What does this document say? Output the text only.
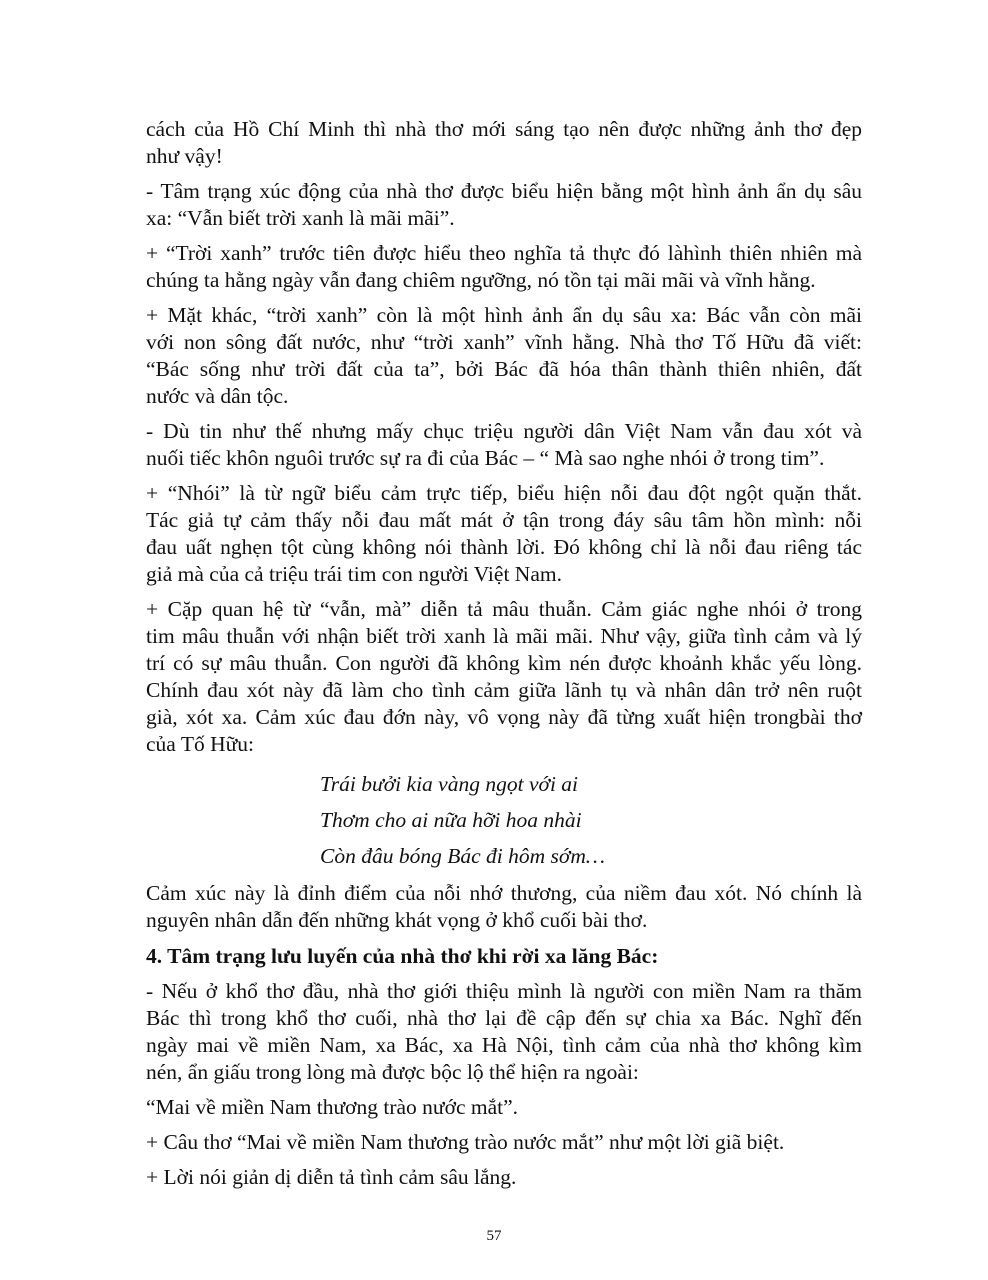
cách của Hồ Chí Minh thì nhà thơ mới sáng tạo nên được những ảnh thơ đẹp
như vậy!

- Tâm trạng xúc động của nhà thơ được biểu hiện bằng một hình ảnh ẩn dụ sâu
xa: “Vẫn biết trời xanh là mãi mãi”.

+ “Trời xanh” trước tiên được hiểu theo nghĩa tả thực đó làhình thiên nhiên mà
chúng ta hằng ngày vẫn đang chiêm ngưỡng, nó tồn tại mãi mãi và vĩnh hằng.

+ Mặt khác, “trời xanh” còn là một hình ảnh ẩn dụ sâu xa: Bác vẫn còn mãi
với non sông đất nước, như “trời xanh” vĩnh hằng. Nhà thơ Tố Hữu đã viết:
“Bác sống như trời đất của ta”, bởi Bác đã hóa thân thành thiên nhiên, đất
nước và dân tộc.

- Dù tin như thế nhưng mấy chục triệu người dân Việt Nam vẫn đau xót và
nuối tiếc khôn nguôi trước sự ra đi của Bác – “ Mà sao nghe nhói ở trong tim”.

+ “Nhói” là từ ngữ biểu cảm trực tiếp, biểu hiện nỗi đau đột ngột quặn thắt.
Tác giả tự cảm thấy nỗi đau mất mát ở tận trong đáy sâu tâm hồn mình: nỗi
đau uất nghẹn tột cùng không nói thành lời. Đó không chỉ là nỗi đau riêng tác
giả mà của cả triệu trái tim con người Việt Nam.

+ Cặp quan hệ từ “vẫn, mà” diễn tả mâu thuẫn. Cảm giác nghe nhói ở trong
tim mâu thuẫn với nhận biết trời xanh là mãi mãi. Như vậy, giữa tình cảm và lý
trí có sự mâu thuẫn. Con người đã không kìm nén được khoảnh khắc yếu lòng.
Chính đau xót này đã làm cho tình cảm giữa lãnh tụ và nhân dân trở nên ruột
già, xót xa. Cảm xúc đau đớn này, vô vọng này đã từng xuất hiện trongbài thơ
của Tố Hữu:

Trái bưởi kia vàng ngọt với ai
Thơm cho ai nữa hỡi hoa nhài
Còn đâu bóng Bác đi hôm sớm…

Cảm xúc này là đỉnh điểm của nỗi nhớ thương, của niềm đau xót. Nó chính là
nguyên nhân dẫn đến những khát vọng ở khổ cuối bài thơ.

4. Tâm trạng lưu luyến của nhà thơ khi rời xa lăng Bác:

- Nếu ở khổ thơ đầu, nhà thơ giới thiệu mình là người con miền Nam ra thăm
Bác thì trong khổ thơ cuối, nhà thơ lại đề cập đến sự chia xa Bác. Nghĩ đến
ngày mai về miền Nam, xa Bác, xa Hà Nội, tình cảm của nhà thơ không kìm
nén, ẩn giấu trong lòng mà được bộc lộ thể hiện ra ngoài:

“Mai về miền Nam thương trào nước mắt”.

+ Câu thơ “Mai về miền Nam thương trào nước mắt” như một lời giã biệt.

+ Lời nói giản dị diễn tả tình cảm sâu lắng.

57
